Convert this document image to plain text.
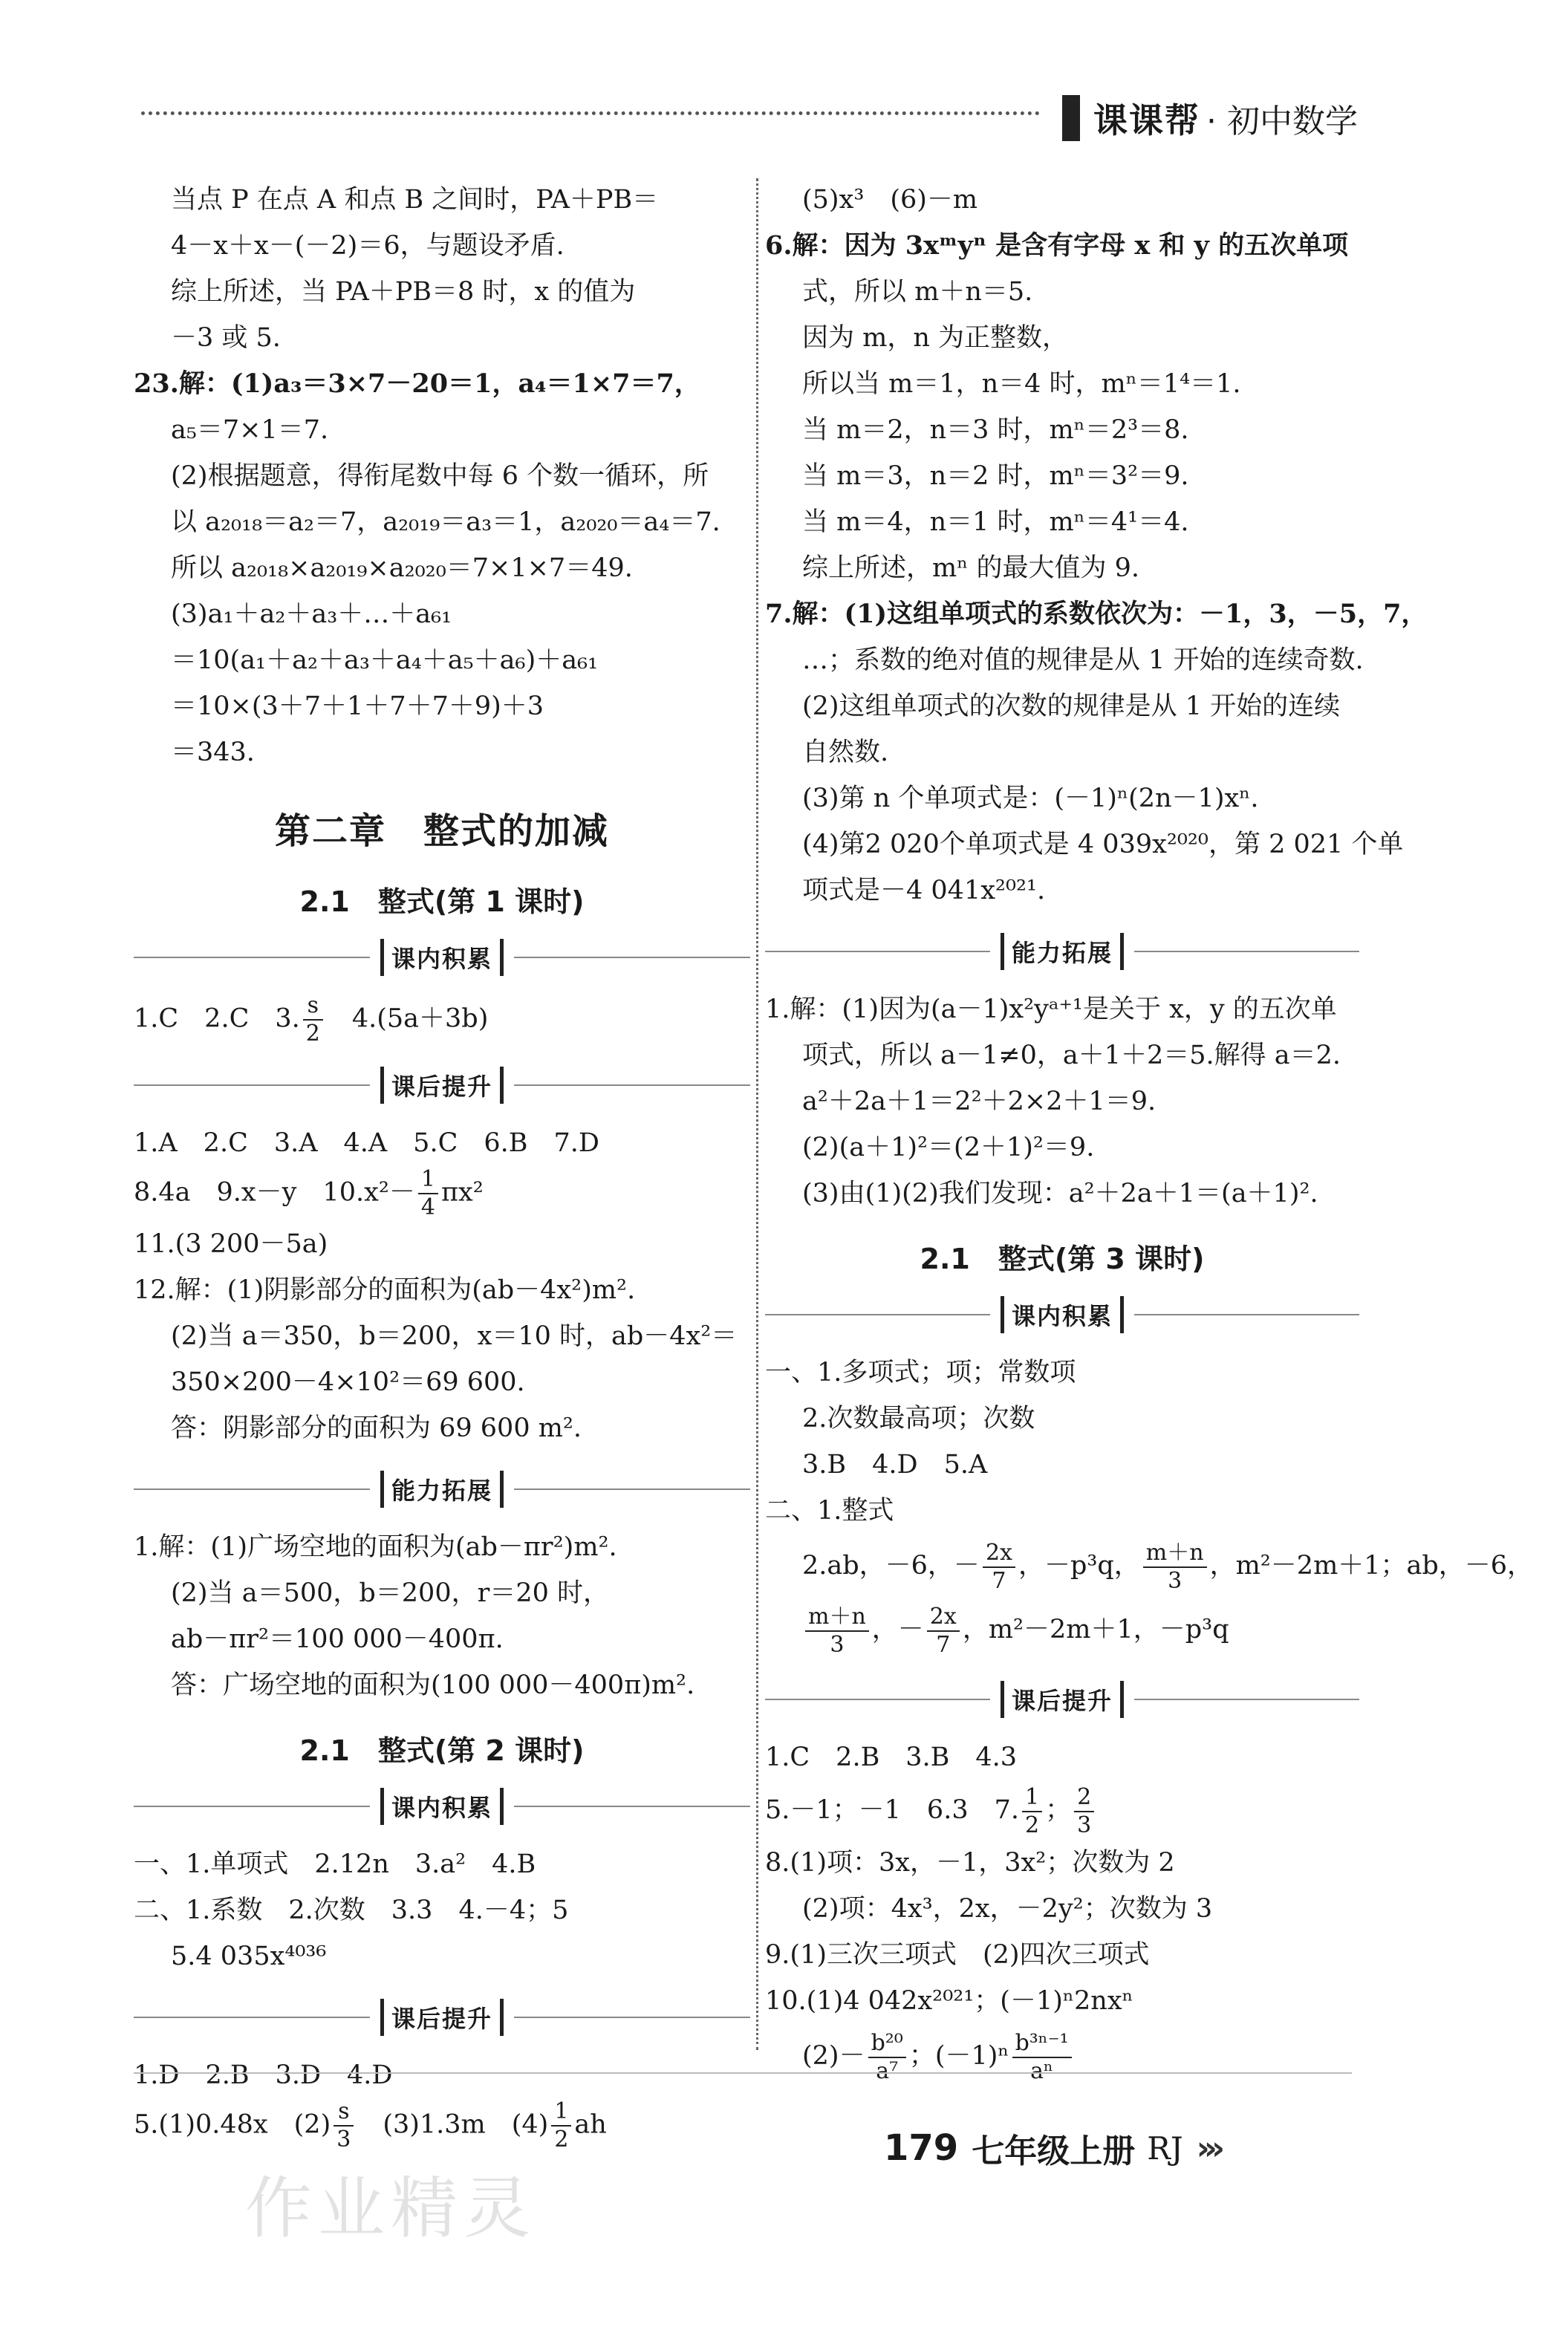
课课帮 · 初中数学
当点 P 在点 A 和点 B 之间时，PA＋PB＝
4－x＋x－(－2)＝6，与题设矛盾.
综上所述，当 PA＋PB＝8 时，x 的值为
－3 或 5.
23.解：(1)a₃＝3×7－20＝1，a₄＝1×7＝7，
a₅＝7×1＝7.
(2)根据题意，得衔尾数中每 6 个数一循环，所
以 a₂₀₁₈＝a₂＝7，a₂₀₁₉＝a₃＝1，a₂₀₂₀＝a₄＝7.
所以 a₂₀₁₈×a₂₀₁₉×a₂₀₂₀＝7×1×7＝49.
(3)a₁＋a₂＋a₃＋…＋a₆₁
＝10(a₁＋a₂＋a₃＋a₄＋a₅＋a₆)＋a₆₁
＝10×(3＋7＋1＋7＋7＋9)＋3
＝343.
第二章　整式的加减
2.1　整式(第 1 课时)
课内积累
1.C　2.C　3. $\frac{s}{2}$ 　4.(5a＋3b)
课后提升
1.A　2.C　3.A　4.A　5.C　6.B　7.D
8.4a　9.x－y　$10.x^2- \frac{1}{4} \pi x^2$
11.(3 200－5a)
12.解：(1)阴影部分的面积为(ab－4x²)m².
(2)当 a＝350，b＝200，x＝10 时，ab－4x²＝
350×200－4×10²＝69 600.
答：阴影部分的面积为 69 600 m².
能力拓展
1.解：(1)广场空地的面积为(ab－πr²)m².
(2)当 a＝500，b＝200，r＝20 时，
ab－πr²＝100 000－400π.
答：广场空地的面积为(100 000－400π)m².
2.1　整式(第 2 课时)
课内积累
一、1.单项式　2.12n　3.a²　4.B
二、1.系数　2.次数　3.3　4.－4；5
5.4 035x⁴⁰³⁶
课后提升
1.D　2.B　3.D　4.D
5.(1)0.48x　$(2) \frac{s}{3}$ 　(3)1.3m　$(4) \frac{1}{2}$ ah
(5)x³　(6)－m
6.解：因为 3xᵐyⁿ 是含有字母 x 和 y 的五次单项
式，所以 m＋n＝5.
因为 m，n 为正整数，
所以当 m＝1，n＝4 时，mⁿ＝1⁴＝1.
当 m＝2，n＝3 时，mⁿ＝2³＝8.
当 m＝3，n＝2 时，mⁿ＝3²＝9.
当 m＝4，n＝1 时，mⁿ＝4¹＝4.
综上所述，mⁿ 的最大值为 9.
7.解：(1)这组单项式的系数依次为：－1，3，－5，7，
…；系数的绝对值的规律是从 1 开始的连续奇数.
(2)这组单项式的次数的规律是从 1 开始的连续
自然数.
(3)第 n 个单项式是：(－1)ⁿ(2n－1)xⁿ.
(4)第2 020个单项式是 4 039x²⁰²⁰，第 2 021 个单
项式是－4 041x²⁰²¹.
能力拓展
1.解：(1)因为(a－1)x²yᵃ⁺¹是关于 x，y 的五次单
项式，所以 a－1≠0，a＋1＋2＝5.解得 a＝2.
a²＋2a＋1＝2²＋2×2＋1＝9.
(2)(a＋1)²＝(2＋1)²＝9.
(3)由(1)(2)我们发现：a²＋2a＋1＝(a＋1)².
2.1　整式(第 3 课时)
课内积累
一、1.多项式；项；常数项
2.次数最高项；次数
3.B　4.D　5.A
二、1.整式
2.ab，－6，－ $\frac{2x}{7}$ ，－p³q， $\frac{m+n}{3}$ ，m²－2m＋1；ab，－6，
$\frac{m+n}{3}$ ，－ $\frac{2x}{7}$ ，m²－2m＋1，－p³q
课后提升
1.C　2.B　3.B　4.3
5.－1；－1　6.3　7. $\frac{1}{2}$ ； $\frac{2}{3}$
8.(1)项：3x，－1，3x²；次数为 2
(2)项：4x³，2x，－2y²；次数为 3
9.(1)三次三项式　(2)四次三项式
10.(1)4 042x²⁰²¹；(－1)ⁿ2nxⁿ
$(2)- \frac{\text{b²⁰}}{\text{a⁷}}$ ；$(-1)^n \frac{\text{b³ⁿ⁻¹}}{\text{aⁿ}}$
作业精灵
179 七年级上册 RJ ›››
